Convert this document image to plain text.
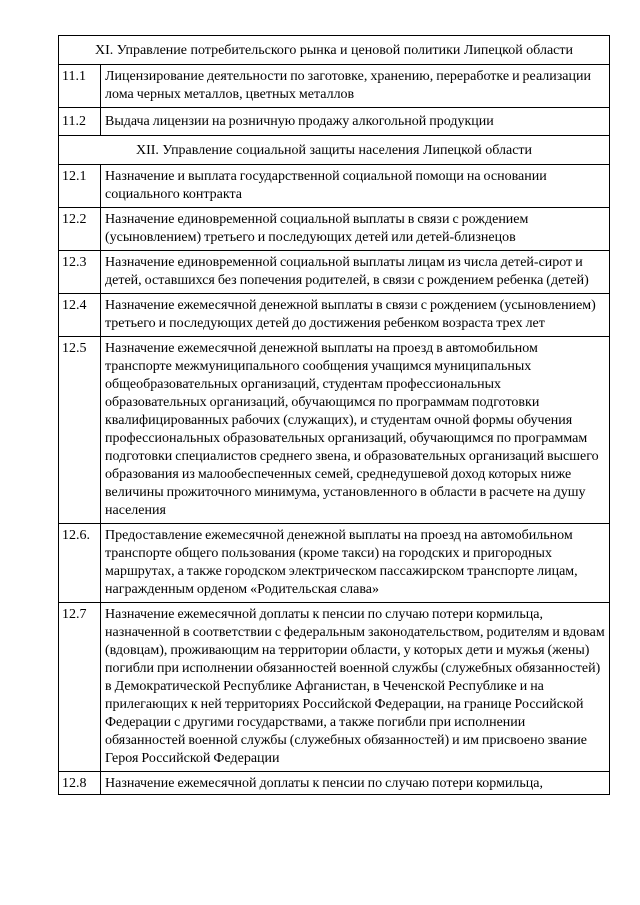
XI. Управление потребительского рынка и ценовой политики Липецкой области	
11.1	Лицензирование деятельности по заготовке, хранению, переработке и реализации лома черных металлов, цветных металлов
11.2	Выдача лицензии на розничную продажу алкогольной продукции
XII. Управление социальной защиты населения Липецкой области	
12.1	Назначение и выплата государственной социальной помощи на основании социального контракта
12.2	Назначение единовременной социальной выплаты в связи с рождением (усыновлением) третьего и последующих детей или детей-близнецов
12.3	Назначение единовременной социальной выплаты лицам из числа детей-сирот и детей, оставшихся без попечения родителей, в связи с рождением ребенка (детей)
12.4	Назначение ежемесячной денежной выплаты в связи с рождением (усыновлением) третьего и последующих детей до достижения ребенком возраста трех лет
12.5	Назначение ежемесячной денежной выплаты на проезд в автомобильном транспорте межмуниципального сообщения учащимся муниципальных общеобразовательных организаций, студентам профессиональных образовательных организаций, обучающимся по программам подготовки квалифицированных рабочих (служащих), и студентам очной формы обучения профессиональных образовательных организаций, обучающимся по программам подготовки специалистов среднего звена, и образовательных организаций высшего образования из малообеспеченных семей, среднедушевой доход которых ниже величины прожиточного минимума, установленного в области в расчете на душу населения
12.6.	Предоставление ежемесячной денежной выплаты на проезд на автомобильном транспорте общего пользования (кроме такси) на городских и пригородных маршрутах, а также городском электрическом пассажирском транспорте лицам, награжденным орденом «Родительская слава»
12.7	Назначение ежемесячной доплаты к пенсии по случаю потери кормильца, назначенной в соответствии с федеральным законодательством, родителям и вдовам (вдовцам), проживающим на территории области, у которых дети и мужья (жены) погибли при исполнении обязанностей военной службы (служебных обязанностей) в Демократической Республике Афганистан, в Чеченской Республике и на прилегающих к ней территориях Российской Федерации, на границе Российской Федерации с другими государствами, а также погибли при исполнении обязанностей военной службы (служебных обязанностей) и им присвоено звание Героя Российской Федерации
12.8	Назначение ежемесячной доплаты к пенсии по случаю потери кормильца,
